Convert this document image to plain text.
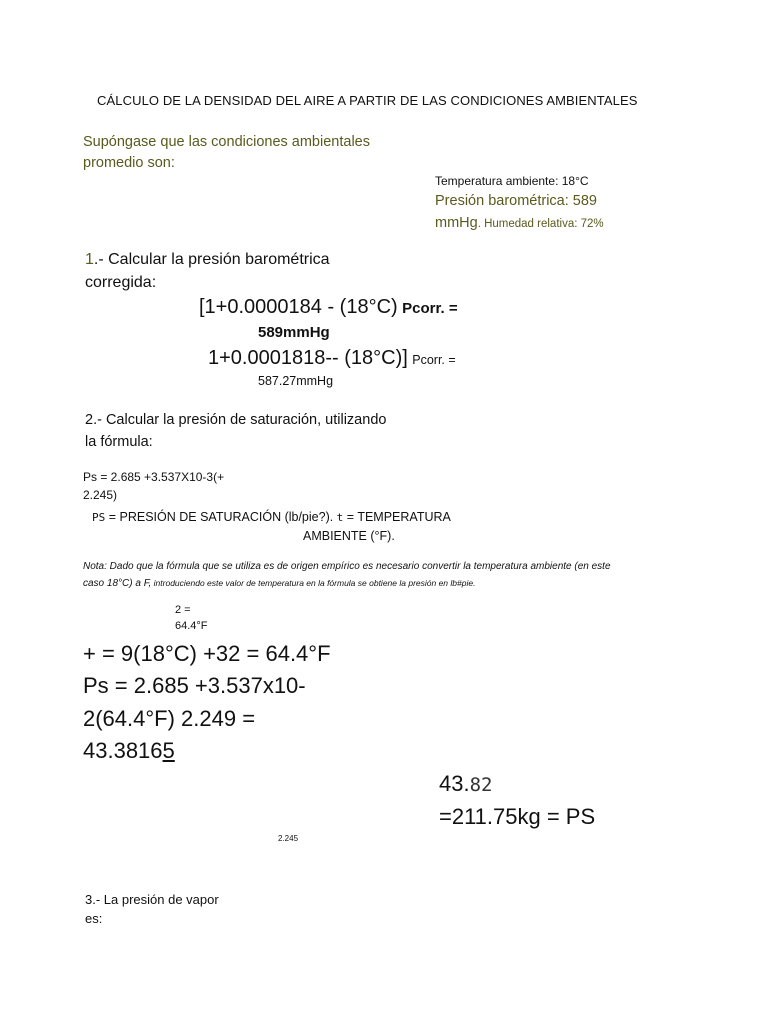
CÁLCULO DE LA DENSIDAD DEL AIRE A PARTIR DE LAS CONDICIONES AMBIENTALES
Supóngase que las condiciones ambientales
promedio son:
Temperatura ambiente: 18°C
Presión barométrica: 589
mmHg. Humedad relativa: 72%
1.- Calcular la presión barométrica
corregida:
[1+0.0000184 - (18°C) Pcorr. =
589mmHg
1+0.0001818-- (18°C)] Pcorr. =
587.27mmHg
2.- Calcular la presión de saturación, utilizando
la fórmula:
Ps = 2.685 +3.537X10-3(+
2.245)
PS = PRESIÓN DE SATURACIÓN (lb/pie?). t = TEMPERATURA
AMBIENTE (°F).
Nota: Dado que la fórmula que se utiliza es de origen empírico es necesario convertir la temperatura ambiente (en este
caso 18°C) a F, introduciendo este valor de temperatura en la fórmula se obtiene la presión en lb#pie.
2 =
64.4°F
+ = 9(18°C) +32 = 64.4°F
Ps = 2.685 +3.537x10-
2(64.4°F) 2.249 =
43.38165
43.82
=211.75kg = PS
2.245
3.- La presión de vapor
es:
